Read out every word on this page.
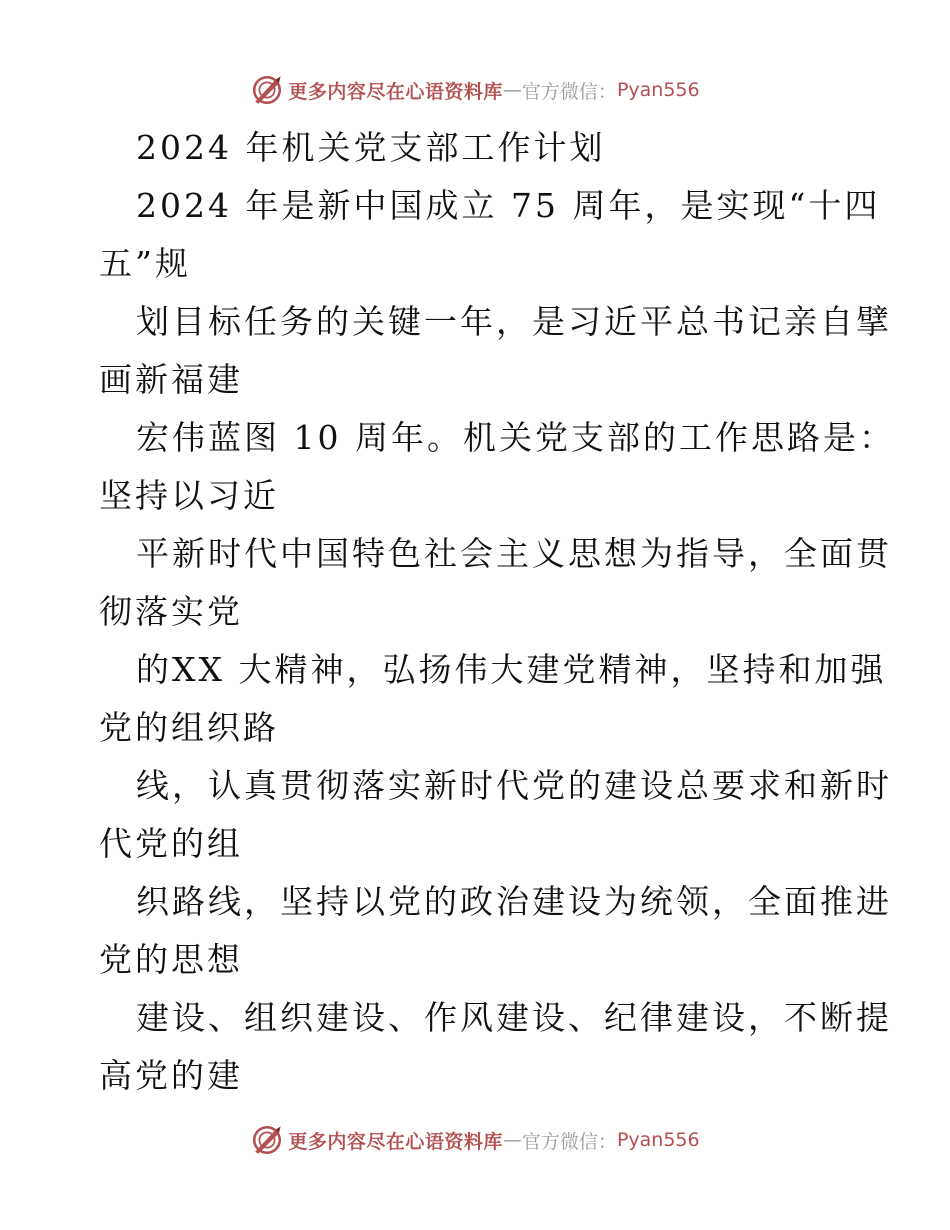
更多内容尽在心语资料库 — 官方微信： Pyan556
2024 年机关党支部工作计划
2024 年是新中国成立 75 周年，是实现“十四
五”规
划目标任务的关键一年，是习近平总书记亲自擘
画新福建
宏伟蓝图 10 周年。机关党支部的工作思路是：
坚持以习近
平新时代中国特色社会主义思想为指导，全面贯
彻落实党
的XX 大精神，弘扬伟大建党精神，坚持和加强
党的组织路
线，认真贯彻落实新时代党的建设总要求和新时
代党的组
织路线，坚持以党的政治建设为统领，全面推进
党的思想
建设、组织建设、作风建设、纪律建设，不断提
高党的建
更多内容尽在心语资料库 — 官方微信： Pyan556
